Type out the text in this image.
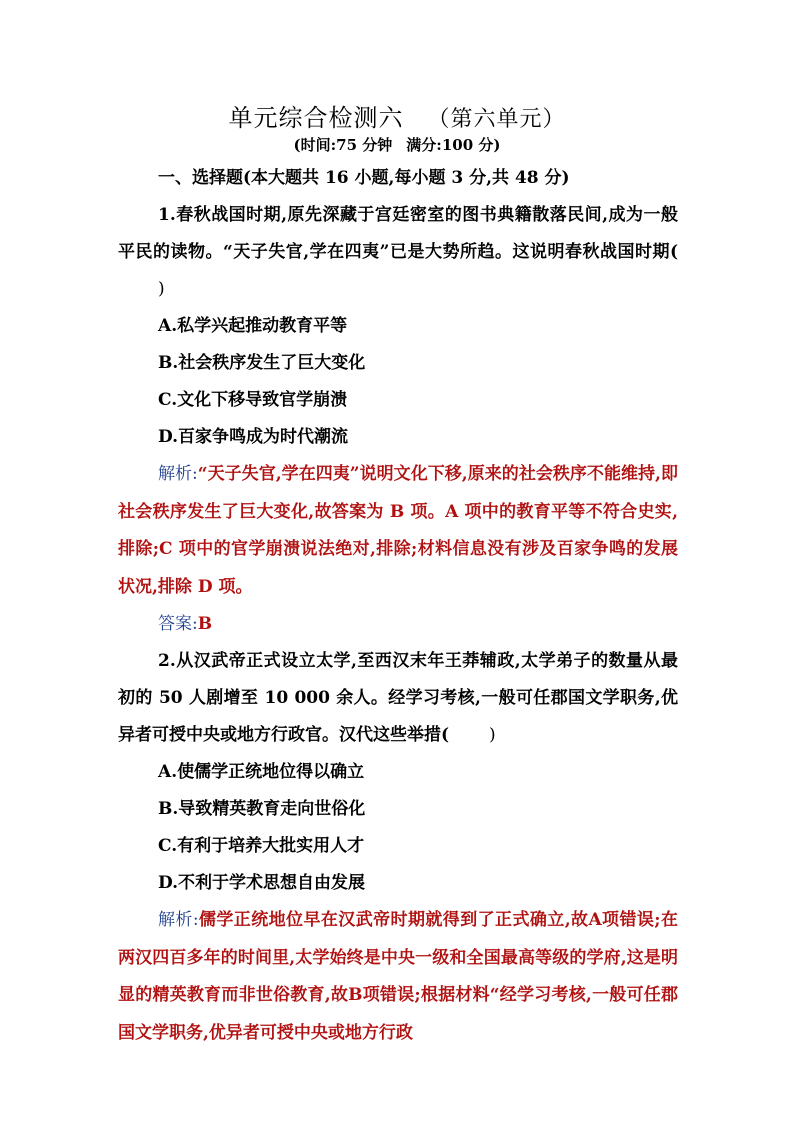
单元综合检测六 （第六单元）
(时间:75 分钟 满分:100 分)

一、选择题(本大题共 16 小题,每小题 3 分,共 48 分)

1.春秋战国时期,原先深藏于宫廷密室的图书典籍散落民间,成为一般平民的读物。“天子失官,学在四夷”已是大势所趋。这说明春秋战国时期()

A.私学兴起推动教育平等

B.社会秩序发生了巨大变化

C.文化下移导致官学崩溃

D.百家争鸣成为时代潮流

解析:“天子失官,学在四夷”说明文化下移,原来的社会秩序不能维持,即社会秩序发生了巨大变化,故答案为 B 项。A 项中的教育平等不符合史实,排除;C 项中的官学崩溃说法绝对,排除;材料信息没有涉及百家争鸣的发展状况,排除 D 项。

答案:B

2.从汉武帝正式设立太学,至西汉末年王莽辅政,太学弟子的数量从最初的 50 人剧增至 10 000 余人。经学习考核,一般可任郡国文学职务,优异者可授中央或地方行政官。汉代这些举措( )

A.使儒学正统地位得以确立

B.导致精英教育走向世俗化

C.有利于培养大批实用人才

D.不利于学术思想自由发展

解析:儒学正统地位早在汉武帝时期就得到了正式确立,故A项错误;在两汉四百多年的时间里,太学始终是中央一级和全国最高等级的学府,这是明显的精英教育而非世俗教育,故B项错误;根据材料“经学习考核,一般可任郡国文学职务,优异者可授中央或地方行政
